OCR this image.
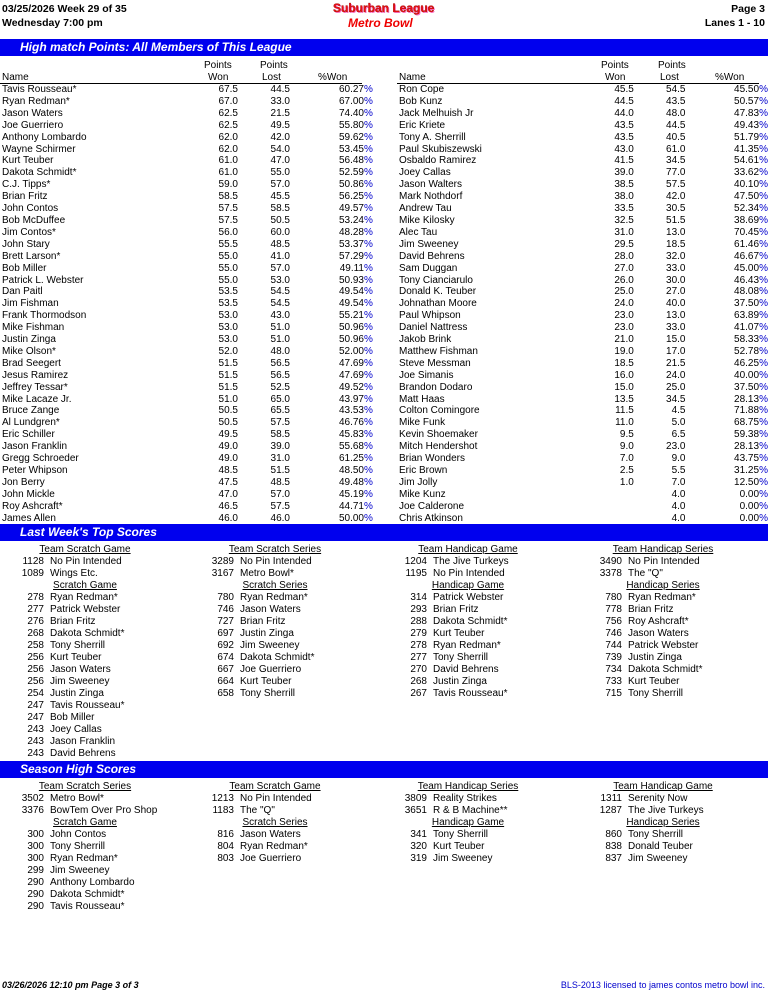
03/25/2026 Week 29 of 35	Suburban League	Page 3
Wednesday 7:00 pm	Metro Bowl	Lanes 1 - 10
High match Points: All Members of This League
Name
Points
Won
Points
Lost	%Won	Name
Points
Won
Points
Lost	%Won
Tavis Rousseau*	67.5	44.5	60.27	%
Ryan Redman*	67.0	33.0	67.00	%
Jason Waters	62.5	21.5	74.40	%
Joe Guerriero	62.5	49.5	55.80	%
Anthony Lombardo	62.0	42.0	59.62	%
Wayne Schirmer	62.0	54.0	53.45	%
Kurt Teuber	61.0	47.0	56.48	%
Dakota Schmidt*	61.0	55.0	52.59	%
C.J. Tipps*	59.0	57.0	50.86	%
Brian Fritz	58.5	45.5	56.25	%
John Contos	57.5	58.5	49.57	%
Bob McDuffee	57.5	50.5	53.24	%
Jim Contos*	56.0	60.0	48.28	%
John Stary	55.5	48.5	53.37	%
Brett Larson*	55.0	41.0	57.29	%
Bob Miller	55.0	57.0	49.11	%
Patrick L. Webster	55.0	53.0	50.93	%
Dan Paitl	53.5	54.5	49.54	%
Jim Fishman	53.5	54.5	49.54	%
Frank Thormodson	53.0	43.0	55.21	%
Mike Fishman	53.0	51.0	50.96	%
Justin Zinga	53.0	51.0	50.96	%
Mike Olson*	52.0	48.0	52.00	%
Brad Seegert	51.5	56.5	47.69	%
Jesus Ramirez	51.5	56.5	47.69	%
Jeffrey Tessar*	51.5	52.5	49.52	%
Mike Lacaze Jr.	51.0	65.0	43.97	%
Bruce Zange	50.5	65.5	43.53	%
Al Lundgren*	50.5	57.5	46.76	%
Eric Schiller	49.5	58.5	45.83	%
Jason Franklin	49.0	39.0	55.68	%
Gregg Schroeder	49.0	31.0	61.25	%
Peter Whipson	48.5	51.5	48.50	%
Jon Berry	47.5	48.5	49.48	%
John Mickle	47.0	57.0	45.19	%
Roy Ashcraft*	46.5	57.5	44.71	%
James Allen	46.0	46.0	50.00	%
Ron Cope	45.5	54.5	45.50	%
Bob Kunz	44.5	43.5	50.57	%
Jack Melhuish Jr	44.0	48.0	47.83	%
Eric Kriete	43.5	44.5	49.43	%
Tony A. Sherrill	43.5	40.5	51.79	%
Paul Skubiszewski	43.0	61.0	41.35	%
Osbaldo Ramirez	41.5	34.5	54.61	%
Joey Callas	39.0	77.0	33.62	%
Jason Walters	38.5	57.5	40.10	%
Mark Nothdorf	38.0	42.0	47.50	%
Andrew Tau	33.5	30.5	52.34	%
Mike Kilosky	32.5	51.5	38.69	%
Alec Tau	31.0	13.0	70.45	%
Jim Sweeney	29.5	18.5	61.46	%
David Behrens	28.0	32.0	46.67	%
Sam Duggan	27.0	33.0	45.00	%
Tony Cianciarulo	26.0	30.0	46.43	%
Donald K. Teuber	25.0	27.0	48.08	%
Johnathan Moore	24.0	40.0	37.50	%
Paul Whipson	23.0	13.0	63.89	%
Daniel Nattress	23.0	33.0	41.07	%
Jakob Brink	21.0	15.0	58.33	%
Matthew Fishman	19.0	17.0	52.78	%
Steve Messman	18.5	21.5	46.25	%
Joe Simanis	16.0	24.0	40.00	%
Brandon Dodaro	15.0	25.0	37.50	%
Matt Haas	13.5	34.5	28.13	%
Colton Comingore	11.5	4.5	71.88	%
Mike Funk	11.0	5.0	68.75	%
Kevin Shoemaker	9.5	6.5	59.38	%
Mitch Hendershot	9.0	23.0	28.13	%
Brian Wonders	7.0	9.0	43.75	%
Eric Brown	2.5	5.5	31.25	%
Jim Jolly	1.0	7.0	12.50	%
Mike Kunz		4.0	0.00	%
Joe Calderone		4.0	0.00	%
Chris Atkinson		4.0	0.00	%
Last Week's Top Scores
Team Scratch Game
1128 No Pin Intended
1089 Wings Etc.
Team Scratch Series
3289 No Pin Intended
3167 Metro Bowl*
Team Handicap Game
1204 The Jive Turkeys
1195 No Pin Intended
Team Handicap Series
3490 No Pin Intended
3378 The "Q"
Scratch Game
278 Ryan Redman*
277 Patrick Webster
276 Brian Fritz
268 Dakota Schmidt*
258 Tony Sherrill
256 Kurt Teuber
256 Jason Waters
256 Jim Sweeney
254 Justin Zinga
247 Tavis Rousseau*
247 Bob Miller
243 Joey Callas
243 Jason Franklin
243 David Behrens
Scratch Series
780 Ryan Redman*
746 Jason Waters
727 Brian Fritz
697 Justin Zinga
692 Jim Sweeney
674 Dakota Schmidt*
667 Joe Guerriero
664 Kurt Teuber
658 Tony Sherrill
Handicap Game
314 Patrick Webster
293 Brian Fritz
288 Dakota Schmidt*
279 Kurt Teuber
278 Ryan Redman*
277 Tony Sherrill
270 David Behrens
268 Justin Zinga
267 Tavis Rousseau*
Handicap Series
780 Ryan Redman*
778 Brian Fritz
756 Roy Ashcraft*
746 Jason Waters
744 Patrick Webster
739 Justin Zinga
734 Dakota Schmidt*
733 Kurt Teuber
715 Tony Sherrill
Season High Scores
Team Scratch Series
3502 Metro Bowl*
3376 BowTem Over Pro Shop
Team Scratch Game
1213 No Pin Intended
1183 The "Q"
Team Handicap Series
3809 Reality Strikes
3651 R & B Machine**
Team Handicap Game
1311 Serenity Now
1287 The Jive Turkeys
Scratch Game
300 John Contos
300 Tony Sherrill
300 Ryan Redman*
299 Jim Sweeney
290 Anthony Lombardo
290 Dakota Schmidt*
290 Tavis Rousseau*
Scratch Series
816 Jason Waters
804 Ryan Redman*
803 Joe Guerriero
Handicap Game
341 Tony Sherrill
320 Kurt Teuber
319 Jim Sweeney
Handicap Series
860 Tony Sherrill
838 Donald Teuber
837 Jim Sweeney
03/26/2026 12:10 pm Page 3 of 3	BLS-2013 licensed to james contos metro bowl inc.
